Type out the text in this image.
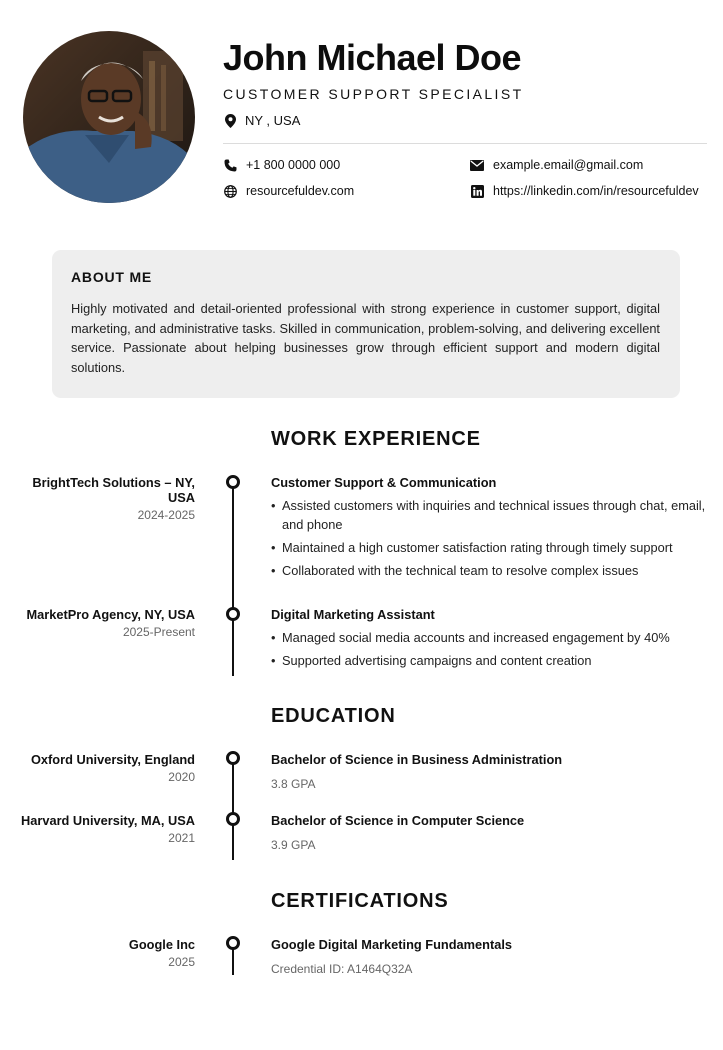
John Michael Doe
CUSTOMER SUPPORT SPECIALIST
NY , USA
+1 800 0000 000	example.email@gmail.com
resourcefuldev.com	https://linkedin.com/in/resourcefuldev
ABOUT ME

Highly motivated and detail-oriented professional with strong experience in customer support, digital marketing, and administrative tasks. Skilled in communication, problem-solving, and delivering excellent service. Passionate about helping businesses grow through efficient support and modern digital solutions.

WORK EXPERIENCE
BrightTech Solutions – NY, USA
2024-2025
Customer Support & Communication
• Assisted customers with inquiries and technical issues through chat, email, and phone
• Maintained a high customer satisfaction rating through timely support
• Collaborated with the technical team to resolve complex issues
MarketPro Agency, NY, USA
2025-Present
Digital Marketing Assistant
• Managed social media accounts and increased engagement by 40%
• Supported advertising campaigns and content creation
EDUCATION
Oxford University, England
2020
Bachelor of Science in Business Administration
3.8 GPA
Harvard University, MA, USA
2021
Bachelor of Science in Computer Science
3.9 GPA
CERTIFICATIONS
Google Inc
2025
Google Digital Marketing Fundamentals
Credential ID: A1464Q32A
